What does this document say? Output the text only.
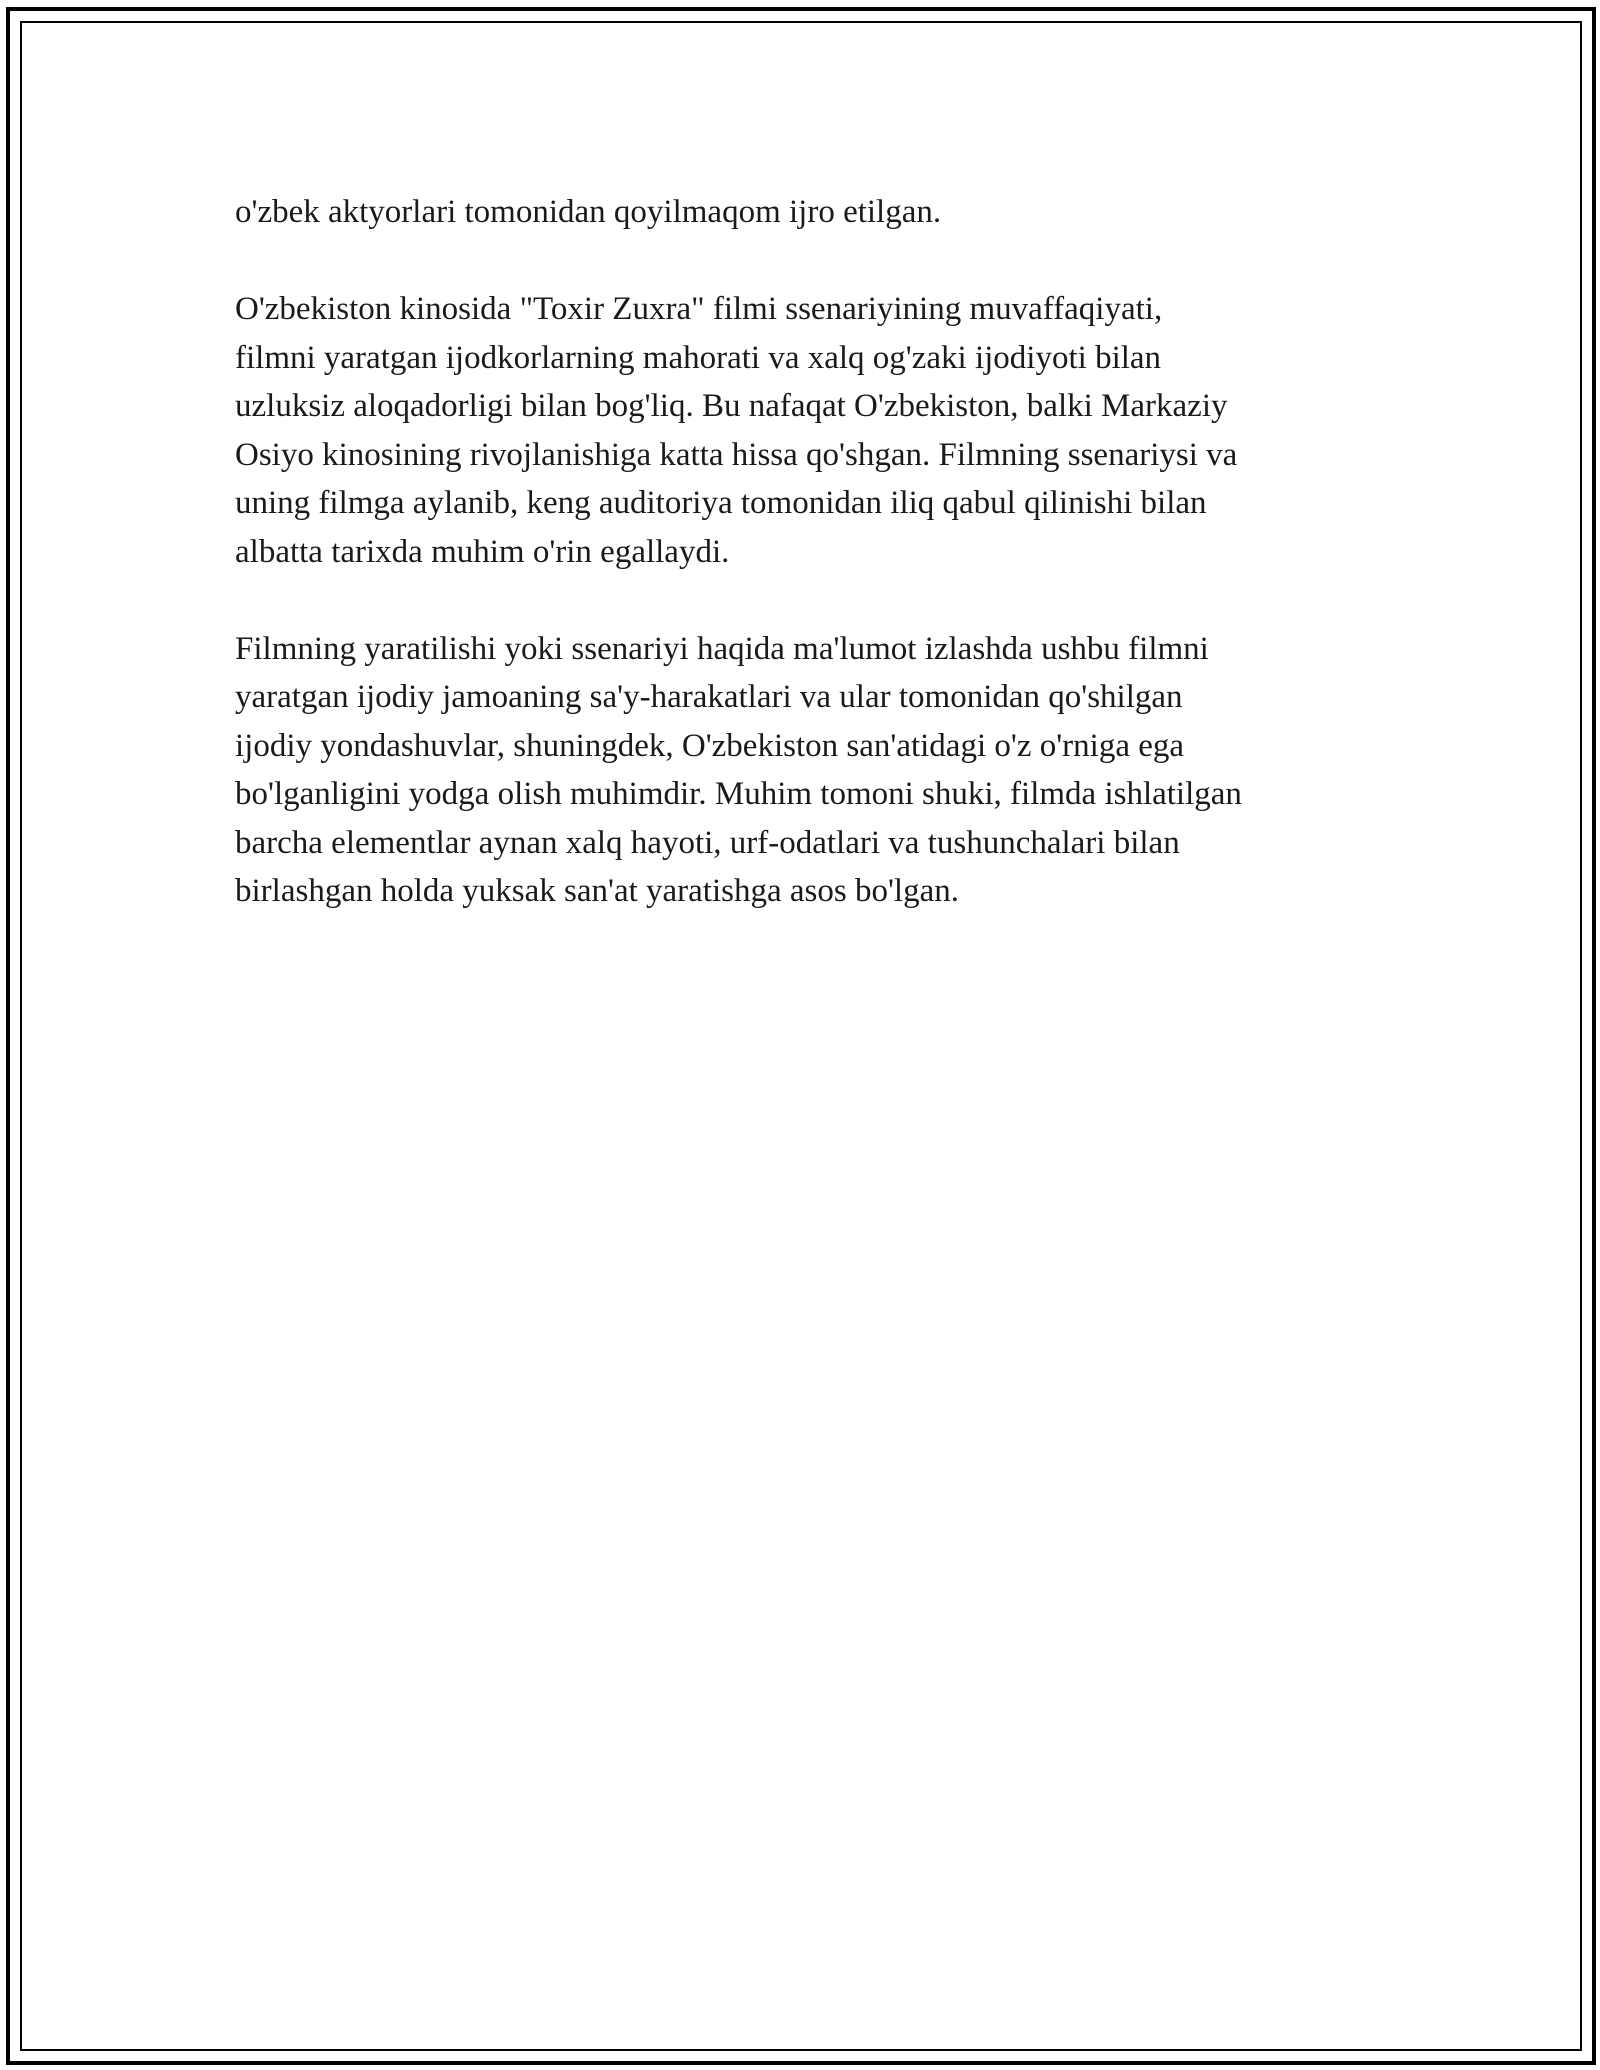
o'zbek aktyorlari tomonidan qoyilmaqom ijro etilgan.

O'zbekiston kinosida "Toxir Zuxra" filmi ssenariyining muvaffaqiyati,
filmni yaratgan ijodkorlarning mahorati va xalq og'zaki ijodiyoti bilan
uzluksiz aloqadorligi bilan bog'liq. Bu nafaqat O'zbekiston, balki Markaziy
Osiyo kinosining rivojlanishiga katta hissa qo'shgan. Filmning ssenariysi va
uning filmga aylanib, keng auditoriya tomonidan iliq qabul qilinishi bilan
albatta tarixda muhim o'rin egallaydi.

Filmning yaratilishi yoki ssenariyi haqida ma'lumot izlashda ushbu filmni
yaratgan ijodiy jamoaning sa'y-harakatlari va ular tomonidan qo'shilgan
ijodiy yondashuvlar, shuningdek, O'zbekiston san'atidagi o'z o'rniga ega
bo'lganligini yodga olish muhimdir. Muhim tomoni shuki, filmda ishlatilgan
barcha elementlar aynan xalq hayoti, urf-odatlari va tushunchalari bilan
birlashgan holda yuksak san'at yaratishga asos bo'lgan.
